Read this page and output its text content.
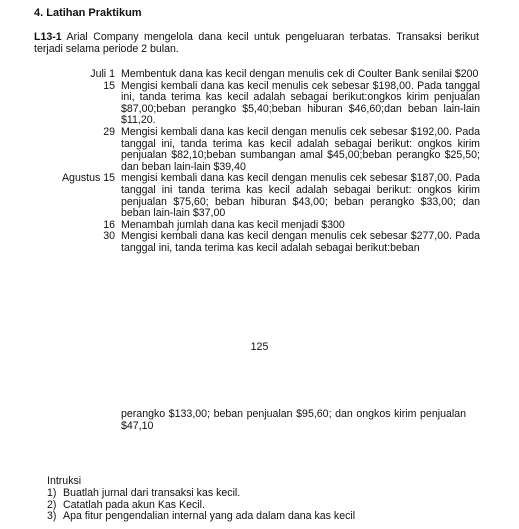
4. Latihan Praktikum
L13-1 Arial Company mengelola dana kecil untuk pengeluaran terbatas. Transaksi berikut terjadi selama periode 2 bulan.
Juli 1 Membentuk dana kas kecil dengan menulis cek di Coulter Bank senilai $200
15 Mengisi kembali dana kas kecil menulis cek sebesar $198,00. Pada tanggal ini, tanda terima kas kecil adalah sebagai berikut:ongkos kirim penjualan $87,00;beban perangko $5,40;beban hiburan $46,60;dan beban lain-lain $11,20.
29 Mengisi kembali dana kas kecil dengan menulis cek sebesar $192,00. Pada tanggal ini, tanda terima kas kecil adalah sebagai berikut: ongkos kirim penjualan $82,10;beban sumbangan amal $45,00;beban perangko $25,50; dan beban lain-lain $39,40
Agustus 15 mengisi kembali dana kas kecil dengan menulis cek sebesar $187,00. Pada tanggal ini tanda terima kas kecil adalah sebagai berikut: ongkos kirim penjualan $75,60; beban hiburan $43,00; beban perangko $33,00; dan beban lain-lain $37,00
16 Menambah jumlah dana kas kecil menjadi $300
30 Mengisi kembali dana kas kecil dengan menulis cek sebesar $277,00. Pada tanggal ini, tanda terima kas kecil adalah sebagai berikut:beban
125
perangko $133,00; beban penjualan $95,60; dan ongkos kirim penjualan $47,10
Intruksi
1) Buatlah jurnal dari transaksi kas kecil.
2) Catatlah pada akun Kas Kecil.
3) Apa fitur pengendalian internal yang ada dalam dana kas kecil
